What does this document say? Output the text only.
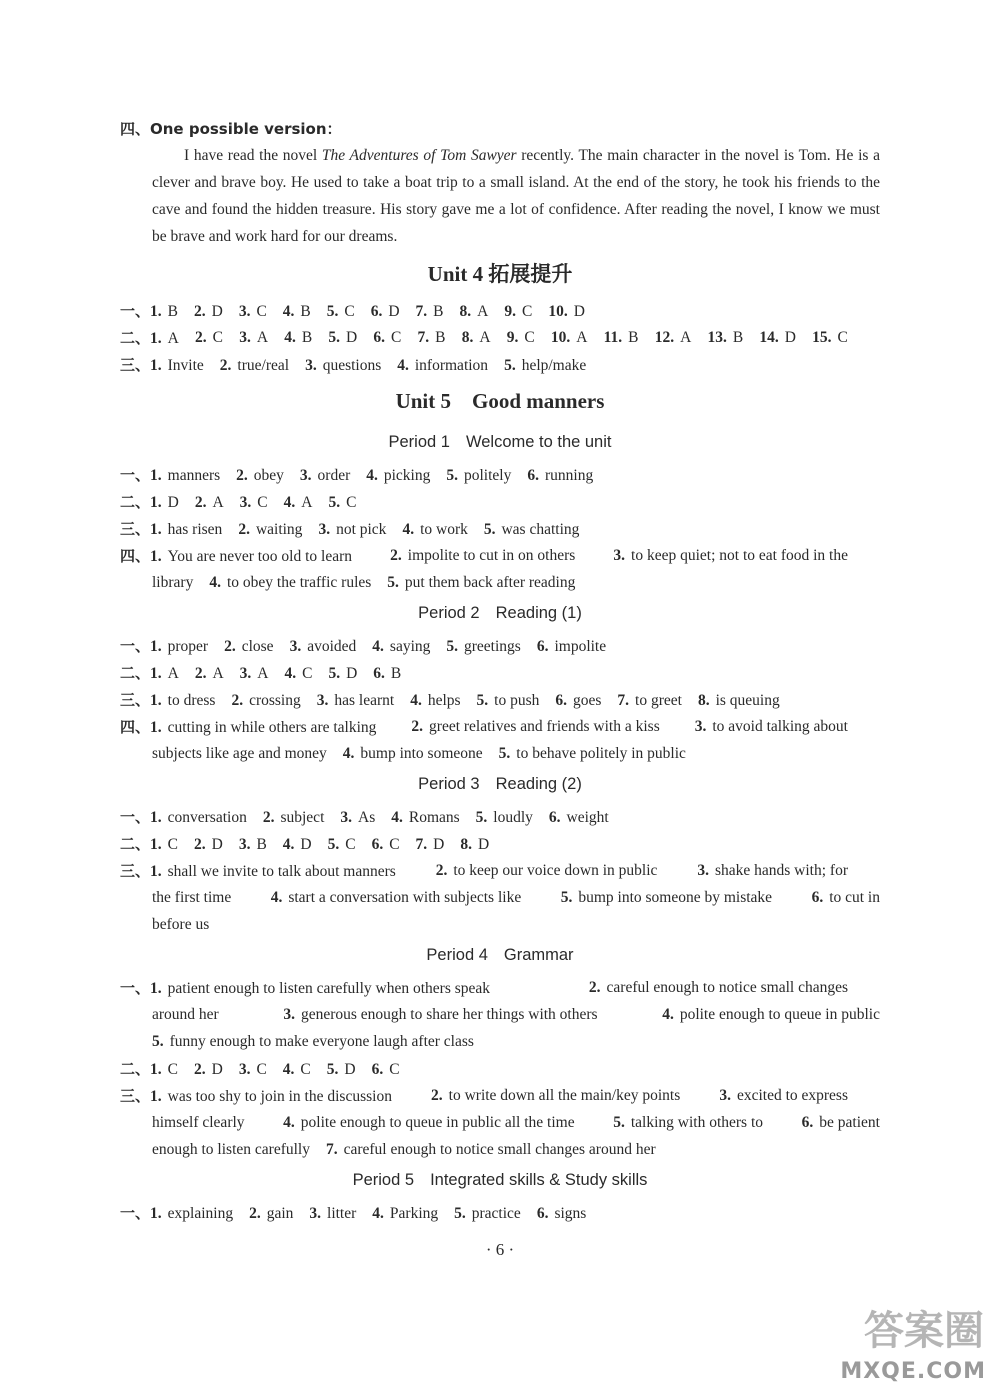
四、One possible version：
I have read the novel The Adventures of Tom Sawyer recently. The main character in the novel is Tom. He is a clever and brave boy. He used to take a boat trip to a small island. At the end of the story, he took his friends to the cave and found the hidden treasure. His story gave me a lot of confidence. After reading the novel, I know we must be brave and work hard for our dreams.
Unit 4 拓展提升
一、1. B 2. D 3. C 4. B 5. C 6. D 7. B 8. A 9. C 10. D
二、1. A 2. C 3. A 4. B 5. D 6. C 7. B 8. A 9. C 10. A 11. B 12. A 13. B 14. D 15. C
三、1. Invite 2. true/real 3. questions 4. information 5. help/make
Unit 5　Good manners
Period 1 Welcome to the unit
一、1. manners 2. obey 3. order 4. picking 5. politely 6. running
二、1. D 2. A 3. C 4. A 5. C
三、1. has risen 2. waiting 3. not pick 4. to work 5. was chatting
四、1. You are never too old to learn 2. impolite to cut in on others 3. to keep quiet; not to eat food in the
library 4. to obey the traffic rules 5. put them back after reading
Period 2 Reading (1)
一、1. proper 2. close 3. avoided 4. saying 5. greetings 6. impolite
二、1. A 2. A 3. A 4. C 5. D 6. B
三、1. to dress 2. crossing 3. has learnt 4. helps 5. to push 6. goes 7. to greet 8. is queuing
四、1. cutting in while others are talking 2. greet relatives and friends with a kiss 3. to avoid talking about
subjects like age and money 4. bump into someone 5. to behave politely in public
Period 3 Reading (2)
一、1. conversation 2. subject 3. As 4. Romans 5. loudly 6. weight
二、1. C 2. D 3. B 4. D 5. C 6. C 7. D 8. D
三、1. shall we invite to talk about manners	2. to keep our voice down in public	3. shake hands with; for
the first time	4. start a conversation with subjects like	5. bump into someone by mistake	6. to cut in
before us
Period 4 Grammar
一、1. patient enough to listen carefully when others speak	2. careful enough to notice small changes
around her	3. generous enough to share her things with others	4. polite enough to queue in public
5. funny enough to make everyone laugh after class
二、1. C 2. D 3. C 4. C 5. D 6. C
三、1. was too shy to join in the discussion	2. to write down all the main/key points	3. excited to express
himself clearly 4. polite enough to queue in public all the time 5. talking with others to 6. be patient
enough to listen carefully 7. careful enough to notice small changes around her
Period 5 Integrated skills & Study skills
一、1. explaining 2. gain 3. litter 4. Parking 5. practice 6. signs
· 6 ·
答案圈
MXQE.COM
